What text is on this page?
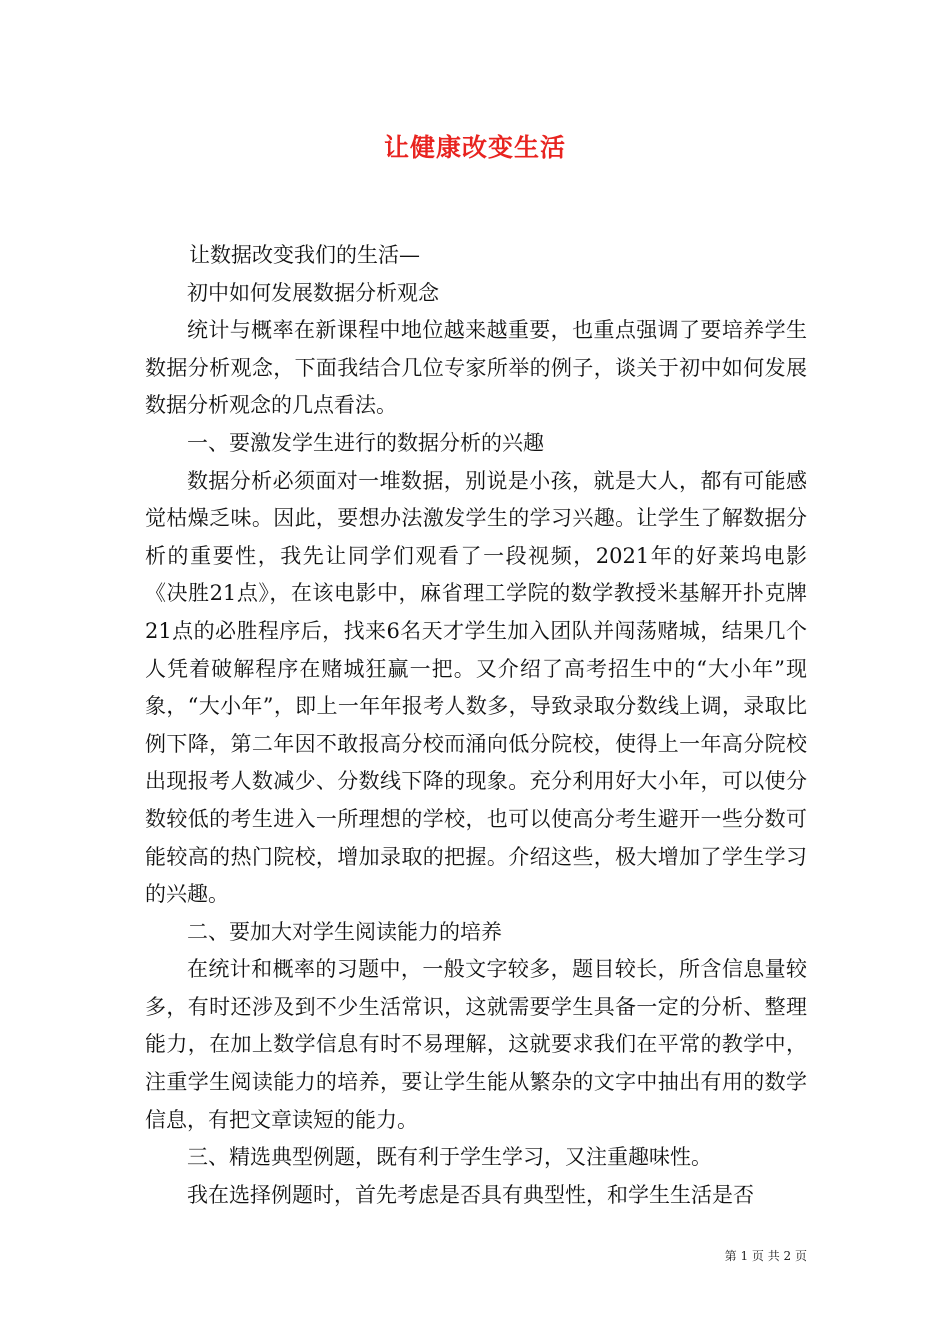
让健康改变生活

让数据改变我们的生活—

初中如何发展数据分析观念

统计与概率在新课程中地位越来越重要，也重点强调了要培养学生数据分析观念，下面我结合几位专家所举的例子，谈关于初中如何发展数据分析观念的几点看法。

一、要激发学生进行的数据分析的兴趣

数据分析必须面对一堆数据，别说是小孩，就是大人，都有可能感觉枯燥乏味。因此，要想办法激发学生的学习兴趣。让学生了解数据分析的重要性，我先让同学们观看了一段视频，2021年的好莱坞电影《决胜21点》，在该电影中，麻省理工学院的数学教授米基解开扑克牌21点的必胜程序后，找来6名天才学生加入团队并闯荡赌城，结果几个人凭着破解程序在赌城狂赢一把。又介绍了高考招生中的“大小年”现象，“大小年”，即上一年年报考人数多，导致录取分数线上调，录取比例下降，第二年因不敢报高分校而涌向低分院校，使得上一年高分院校出现报考人数减少、分数线下降的现象。充分利用好大小年，可以使分数较低的考生进入一所理想的学校，也可以使高分考生避开一些分数可能较高的热门院校，增加录取的把握。介绍这些，极大增加了学生学习的兴趣。

二、要加大对学生阅读能力的培养

在统计和概率的习题中，一般文字较多，题目较长，所含信息量较多，有时还涉及到不少生活常识，这就需要学生具备一定的分析、整理能力，在加上数学信息有时不易理解，这就要求我们在平常的教学中，注重学生阅读能力的培养，要让学生能从繁杂的文字中抽出有用的数学信息，有把文章读短的能力。

三、精选典型例题，既有利于学生学习，又注重趣味性。

我在选择例题时，首先考虑是否具有典型性，和学生生活是否

第 1 页 共 2 页
